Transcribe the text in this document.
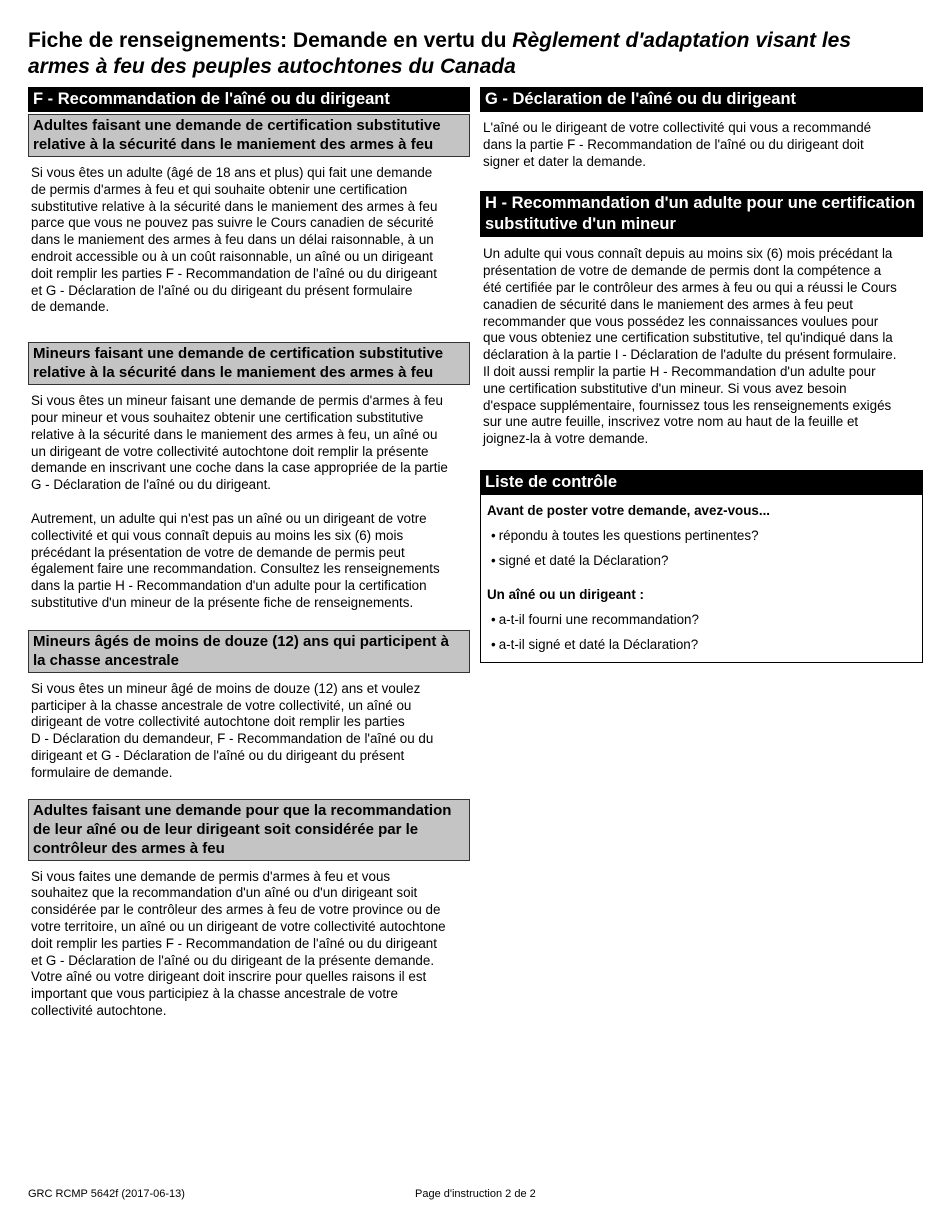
Fiche de renseignements: Demande en vertu du Règlement d'adaptation visant les
armes à feu des peuples autochtones du Canada
F - Recommandation de l'aîné ou du dirigeant
Adultes faisant une demande de certification substitutive relative à la sécurité dans le maniement des armes à feu
Si vous êtes un adulte (âgé de 18 ans et plus) qui fait une demande
de permis d'armes à feu et qui souhaite obtenir une certification
substitutive relative à la sécurité dans le maniement des armes à feu
parce que vous ne pouvez pas suivre le Cours canadien de sécurité
dans le maniement des armes à feu dans un délai raisonnable, à un
endroit accessible ou à un coût raisonnable, un aîné ou un dirigeant
doit remplir les parties F - Recommandation de l'aîné ou du dirigeant
et G - Déclaration de l'aîné ou du dirigeant du présent formulaire
de demande.
Mineurs faisant une demande de certification substitutive relative à la sécurité dans le maniement des armes à feu
Si vous êtes un mineur faisant une demande de permis d'armes à feu
pour mineur et vous souhaitez obtenir une certification substitutive
relative à la sécurité dans le maniement des armes à feu, un aîné ou
un dirigeant de votre collectivité autochtone doit remplir la présente
demande en inscrivant une coche dans la case appropriée de la partie
G - Déclaration de l'aîné ou du dirigeant.
Autrement, un adulte qui n'est pas un aîné ou un dirigeant de votre
collectivité et qui vous connaît depuis au moins les six (6) mois
précédant la présentation de votre de demande de permis peut
également faire une recommandation. Consultez les renseignements
dans la partie H - Recommandation d'un adulte pour la certification
substitutive d'un mineur de la présente fiche de renseignements.
Mineurs âgés de moins de douze (12) ans qui participent à la chasse ancestrale
Si vous êtes un mineur âgé de moins de douze (12) ans et voulez
participer à la chasse ancestrale de votre collectivité, un aîné ou
dirigeant de votre collectivité autochtone doit remplir les parties
D - Déclaration du demandeur, F - Recommandation de l'aîné ou du
dirigeant et G - Déclaration de l'aîné ou du dirigeant du présent
formulaire de demande.
Adultes faisant une demande pour que la recommandation de leur aîné ou de leur dirigeant soit considérée par le contrôleur des armes à feu
Si vous faites une demande de permis d'armes à feu et vous
souhaitez que la recommandation d'un aîné ou d'un dirigeant soit
considérée par le contrôleur des armes à feu de votre province ou de
votre territoire, un aîné ou un dirigeant de votre collectivité autochtone
doit remplir les parties F - Recommandation de l'aîné ou du dirigeant
et G - Déclaration de l'aîné ou du dirigeant de la présente demande.
Votre aîné ou votre dirigeant doit inscrire pour quelles raisons il est
important que vous participiez à la chasse ancestrale de votre
collectivité autochtone.
G - Déclaration de l'aîné ou du dirigeant
L'aîné ou le dirigeant de votre collectivité qui vous a recommandé
dans la partie F - Recommandation de l'aîné ou du dirigeant doit
signer et dater la demande.
H - Recommandation d'un adulte pour une certification substitutive d'un mineur
Un adulte qui vous connaît depuis au moins six (6) mois précédant la
présentation de votre de demande de permis dont la compétence a
été certifiée par le contrôleur des armes à feu ou qui a réussi le Cours
canadien de sécurité dans le maniement des armes à feu peut
recommander que vous possédez les connaissances voulues pour
que vous obteniez une certification substitutive, tel qu'indiqué dans la
déclaration à la partie I - Déclaration de l'adulte du présent formulaire.
Il doit aussi remplir la partie H - Recommandation d'un adulte pour
une certification substitutive d'un mineur. Si vous avez besoin
d'espace supplémentaire, fournissez tous les renseignements exigés
sur une autre feuille, inscrivez votre nom au haut de la feuille et
joignez-la à votre demande.
Liste de contrôle
Avant de poster votre demande, avez-vous...
• répondu à toutes les questions pertinentes?
• signé et daté la Déclaration?
Un aîné ou un dirigeant :
• a-t-il fourni une recommandation?
• a-t-il signé et daté la Déclaration?
GRC RCMP 5642f (2017-06-13)	Page d'instruction 2 de 2
